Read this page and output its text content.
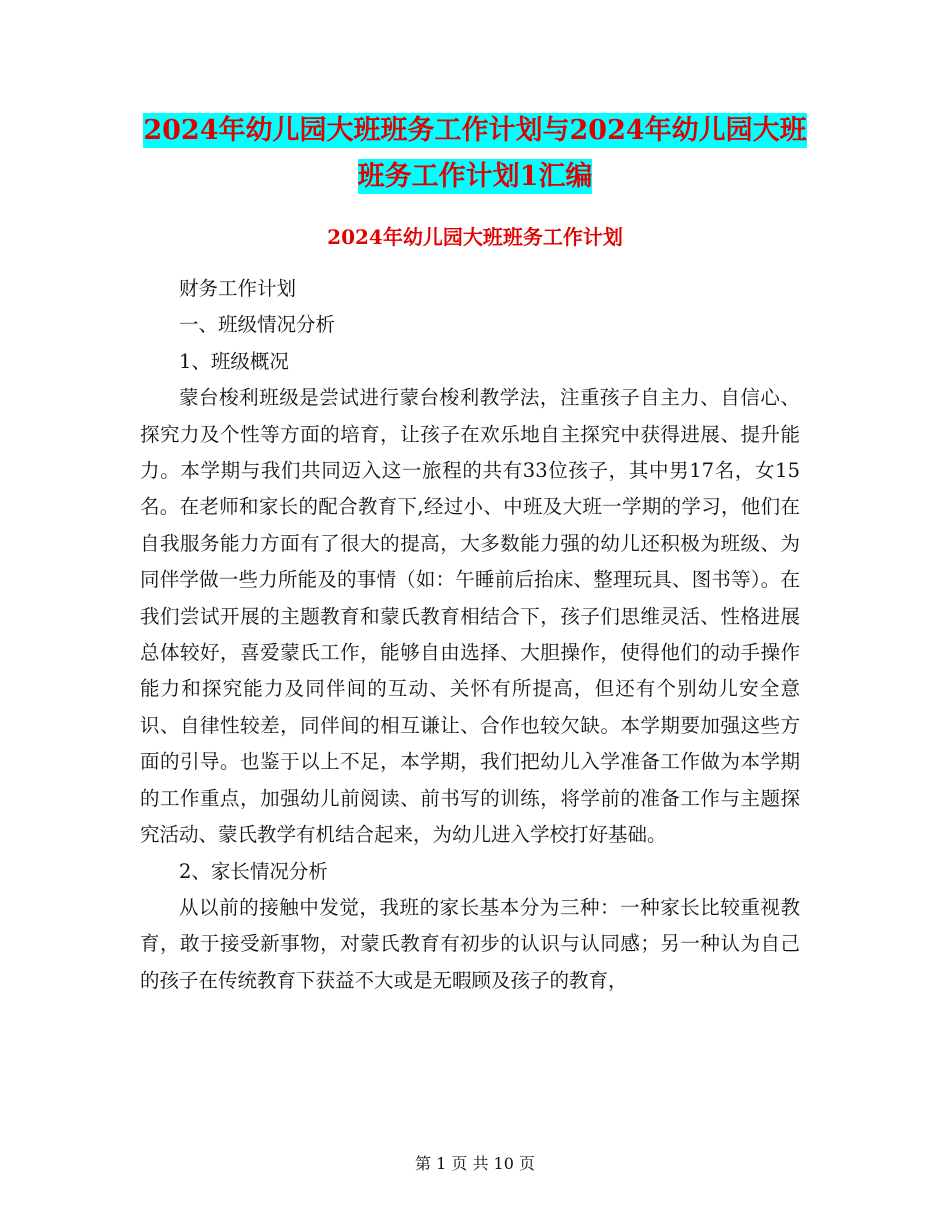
2024年幼儿园大班班务工作计划与2024年幼儿园大班
班务工作计划1汇编
2024年幼儿园大班班务工作计划

财务工作计划

一、班级情况分析

1、班级概况

蒙台梭利班级是尝试进行蒙台梭利教学法，注重孩子自主力、自信心、探究力及个性等方面的培育，让孩子在欢乐地自主探究中获得进展、提升能力。本学期与我们共同迈入这一旅程的共有33位孩子，其中男17名，女15名。在老师和家长的配合教育下,经过小、中班及大班一学期的学习，他们在自我服务能力方面有了很大的提高，大多数能力强的幼儿还积极为班级、为同伴学做一些力所能及的事情（如：午睡前后抬床、整理玩具、图书等）。在我们尝试开展的主题教育和蒙氏教育相结合下，孩子们思维灵活、性格进展总体较好，喜爱蒙氏工作，能够自由选择、大胆操作，使得他们的动手操作能力和探究能力及同伴间的互动、关怀有所提高，但还有个别幼儿安全意识、自律性较差，同伴间的相互谦让、合作也较欠缺。本学期要加强这些方面的引导。也鉴于以上不足，本学期，我们把幼儿入学准备工作做为本学期的工作重点，加强幼儿前阅读、前书写的训练，将学前的准备工作与主题探究活动、蒙氏教学有机结合起来，为幼儿进入学校打好基础。

2、家长情况分析

从以前的接触中发觉，我班的家长基本分为三种：一种家长比较重视教育，敢于接受新事物，对蒙氏教育有初步的认识与认同感；另一种认为自己的孩子在传统教育下获益不大或是无暇顾及孩子的教育，

第 1 页 共 10 页
